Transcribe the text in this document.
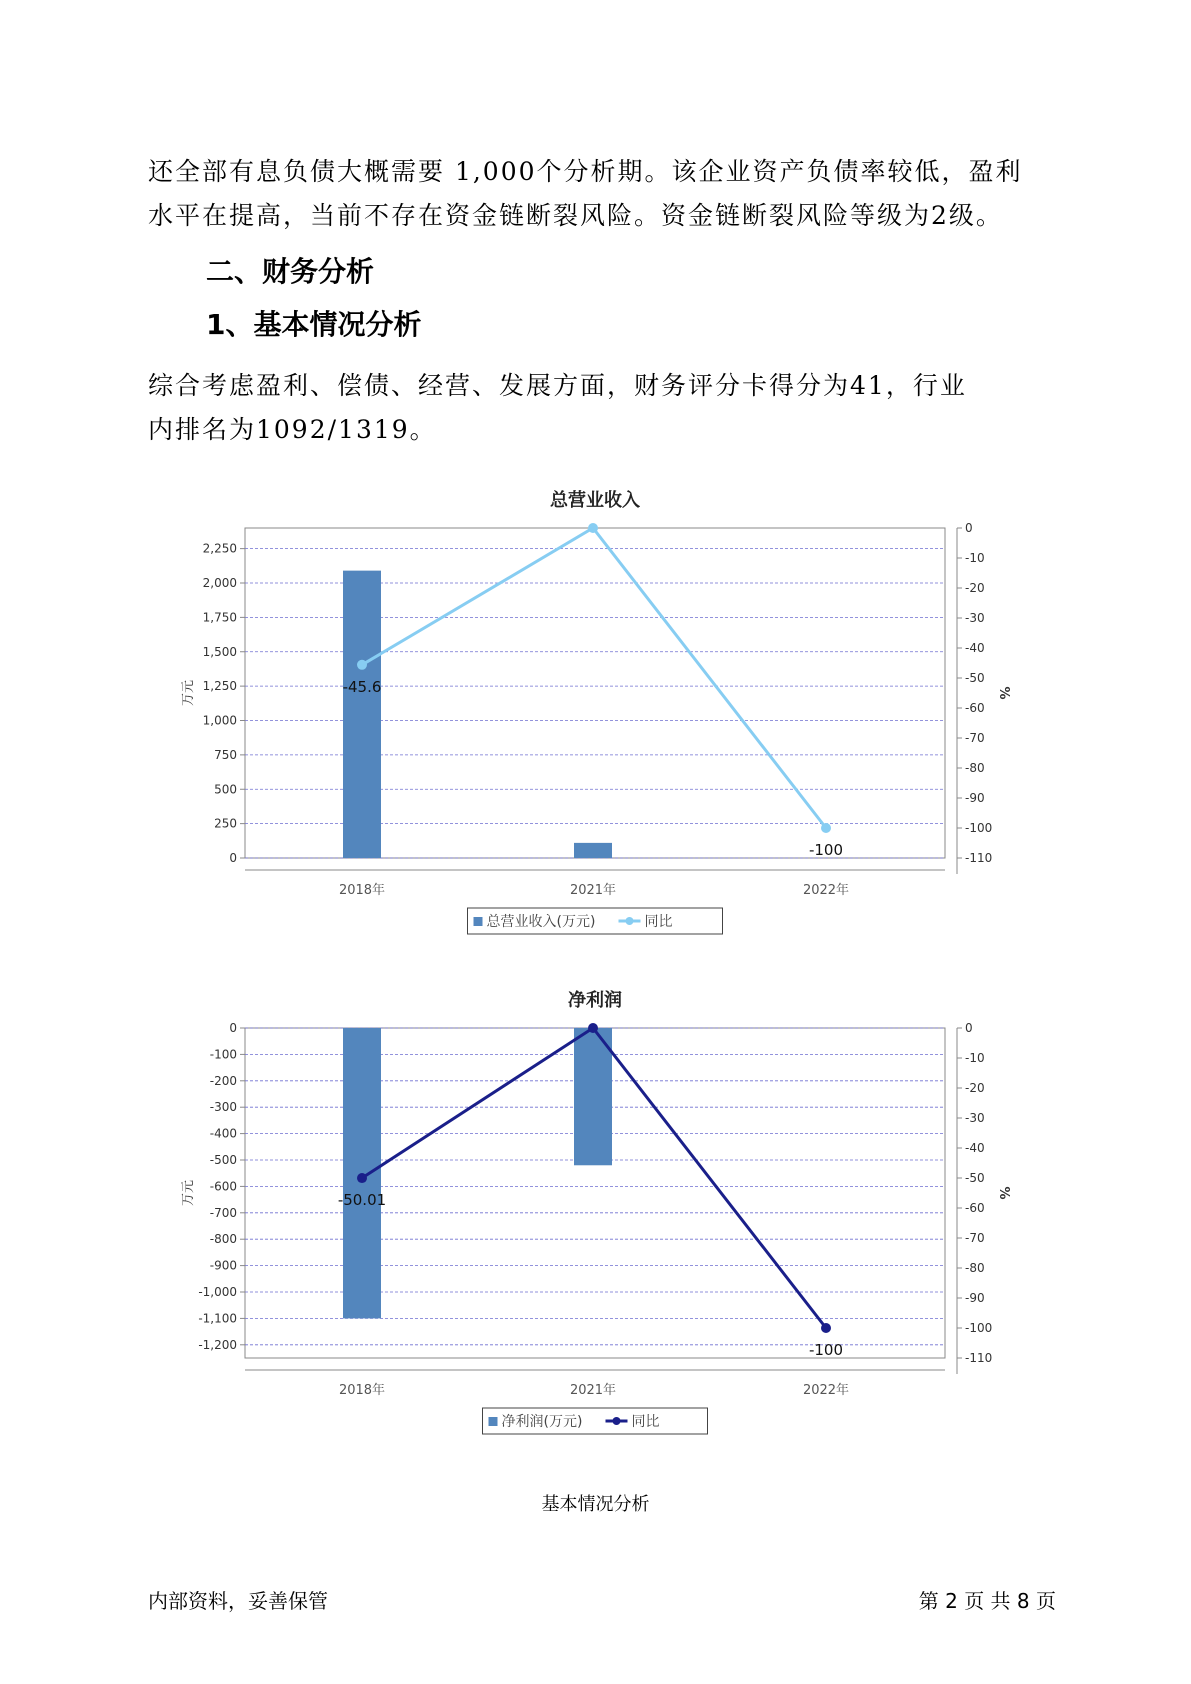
还全部有息负债大概需要 1,000个分析期。该企业资产负债率较低，盈利
水平在提高，当前不存在资金链断裂风险。资金链断裂风险等级为2级。

二、财务分析
1、基本情况分析

综合考虑盈利、偿债、经营、发展方面，财务评分卡得分为41，行业
内排名为1092/1319。

总营业收入
0
250
500
750
1,000
1,250
1,500
1,750
2,000
2,250
万元
0
-10
-20
-30
-40
-50
-60
-70
-80
-90
-100
-110
%
2018年	2021年	2022年
-45.6
-100
总营业收入(万元)	同比
净利润
0
-100
-200
-300
-400
-500
-600
-700
-800
-900
-1,000
-1,100
-1,200
万元
0
-10
-20
-30
-40
-50
-60
-70
-80
-90
-100
-110
%
2018年	2021年	2022年
-50.01
-100
净利润(万元)	同比

基本情况分析

内部资料，妥善保管	第 2 页 共 8 页
